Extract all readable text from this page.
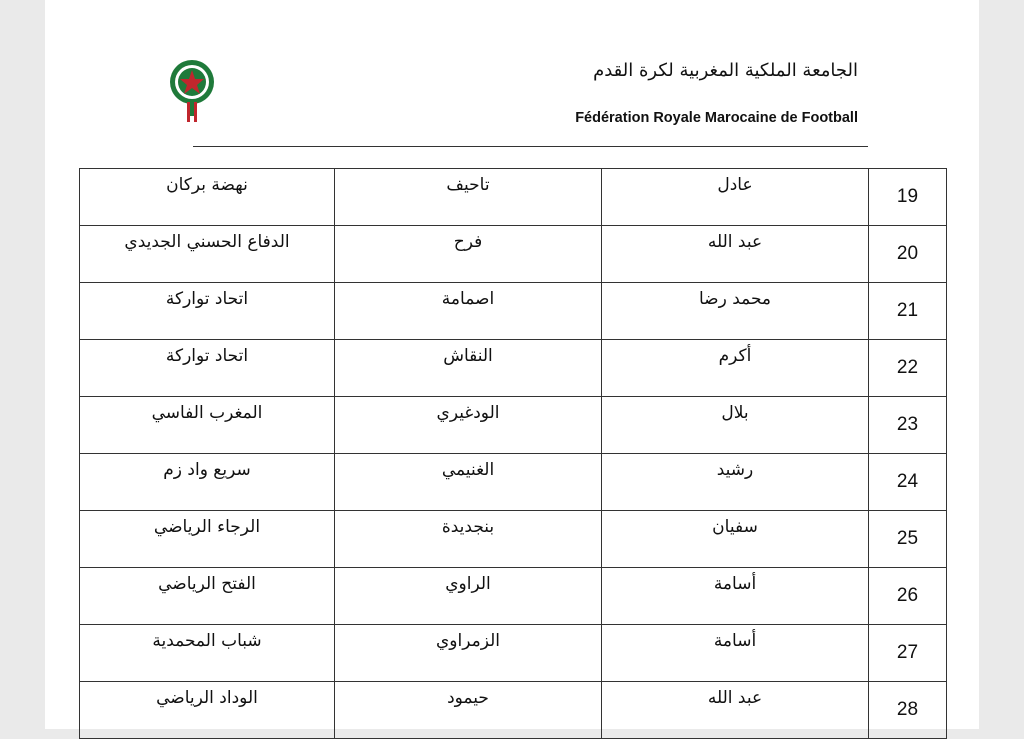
الجامعة الملكية المغربية لكرة القدم
Fédération Royale Marocaine de Football
نهضة بركان	تاحيف	عادل	19
الدفاع الحسني الجديدي	فرح	عبد الله	20
اتحاد تواركة	اصمامة	محمد رضا	21
اتحاد تواركة	النقاش	أكرم	22
المغرب الفاسي	الودغيري	بلال	23
سريع واد زم	الغنيمي	رشيد	24
الرجاء الرياضي	بنجديدة	سفيان	25
الفتح الرياضي	الراوي	أسامة	26
شباب المحمدية	الزمراوي	أسامة	27
الوداد الرياضي	حيمود	عبد الله	28
